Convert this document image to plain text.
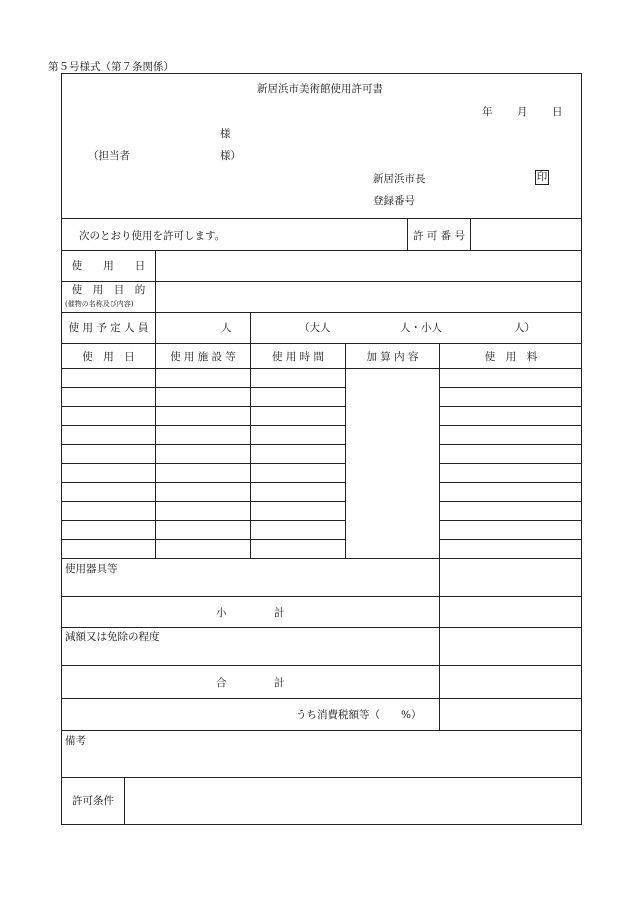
第５号様式（第７条関係）
新居浜市美術館使用許可書
年 月 日
様
（担当者	様）
新居浜市長	印
登録番号
次のとおり使用を許可します。	許 可 番 号
使　　用　　日
使　用　目　的
(催物の名称及び内容)
使 用 予 定 人 員	人	（大人	人・小人	人）
使　用　日	使 用 施 設 等	使 用 時 間	加 算 内 容	使　用　料
使用器具等
小	計
減額又は免除の程度
合	計
うち消費税額等（　　%）
備考
許可条件
